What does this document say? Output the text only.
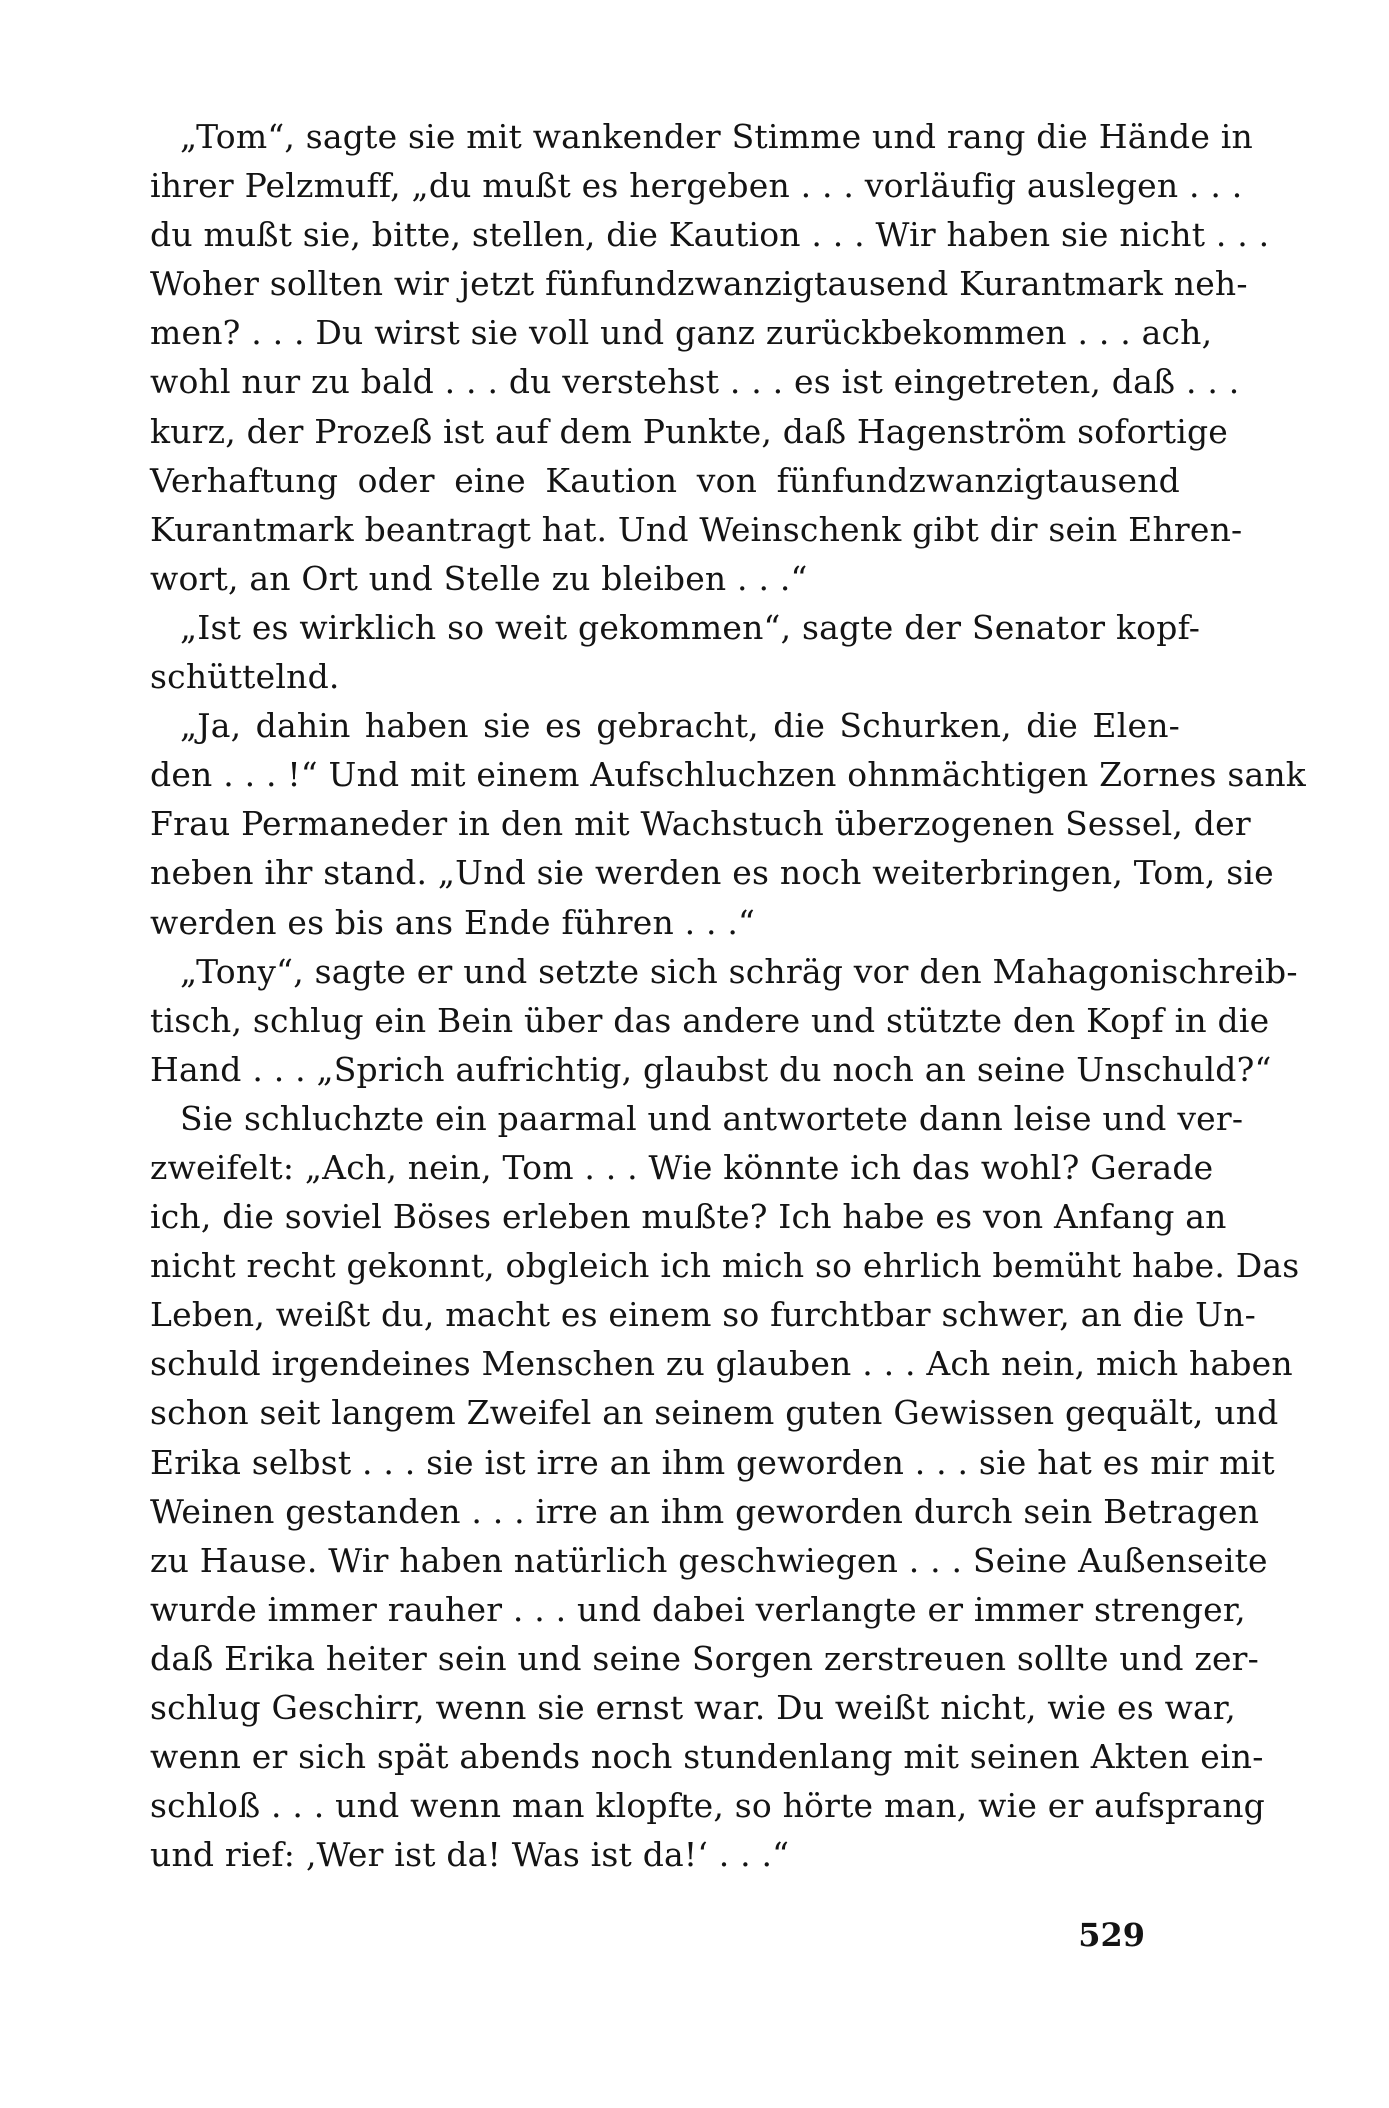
„Tom“, sagte sie mit wankender Stimme und rang die Hände in
ihrer Pelzmuff, „du mußt es hergeben . . . vorläufig auslegen . . .
du mußt sie, bitte, stellen, die Kaution . . . Wir haben sie nicht . . .
Woher sollten wir jetzt fünfundzwanzigtausend Kurantmark neh-
men? . . . Du wirst sie voll und ganz zurückbekommen . . . ach,
wohl nur zu bald . . . du verstehst . . . es ist eingetreten, daß . . .
kurz, der Prozeß ist auf dem Punkte, daß Hagenström sofortige
Verhaftung oder eine Kaution von fünfundzwanzigtausend
Kurantmark beantragt hat. Und Weinschenk gibt dir sein Ehren-
wort, an Ort und Stelle zu bleiben . . .“
„Ist es wirklich so weit gekommen“, sagte der Senator kopf-
schüttelnd.
„Ja, dahin haben sie es gebracht, die Schurken, die Elen-
den . . . !“ Und mit einem Aufschluchzen ohnmächtigen Zornes sank
Frau Permaneder in den mit Wachstuch überzogenen Sessel, der
neben ihr stand. „Und sie werden es noch weiterbringen, Tom, sie
werden es bis ans Ende führen . . .“
„Tony“, sagte er und setzte sich schräg vor den Mahagonischreib-
tisch, schlug ein Bein über das andere und stützte den Kopf in die
Hand . . . „Sprich aufrichtig, glaubst du noch an seine Unschuld?“
Sie schluchzte ein paarmal und antwortete dann leise und ver-
zweifelt: „Ach, nein, Tom . . . Wie könnte ich das wohl? Gerade
ich, die soviel Böses erleben mußte? Ich habe es von Anfang an
nicht recht gekonnt, obgleich ich mich so ehrlich bemüht habe. Das
Leben, weißt du, macht es einem so furchtbar schwer, an die Un-
schuld irgendeines Menschen zu glauben . . . Ach nein, mich haben
schon seit langem Zweifel an seinem guten Gewissen gequält, und
Erika selbst . . . sie ist irre an ihm geworden . . . sie hat es mir mit
Weinen gestanden . . . irre an ihm geworden durch sein Betragen
zu Hause. Wir haben natürlich geschwiegen . . . Seine Außenseite
wurde immer rauher . . . und dabei verlangte er immer strenger,
daß Erika heiter sein und seine Sorgen zerstreuen sollte und zer-
schlug Geschirr, wenn sie ernst war. Du weißt nicht, wie es war,
wenn er sich spät abends noch stundenlang mit seinen Akten ein-
schloß . . . und wenn man klopfte, so hörte man, wie er aufsprang
und rief: ‚Wer ist da! Was ist da!‘ . . .“
529
